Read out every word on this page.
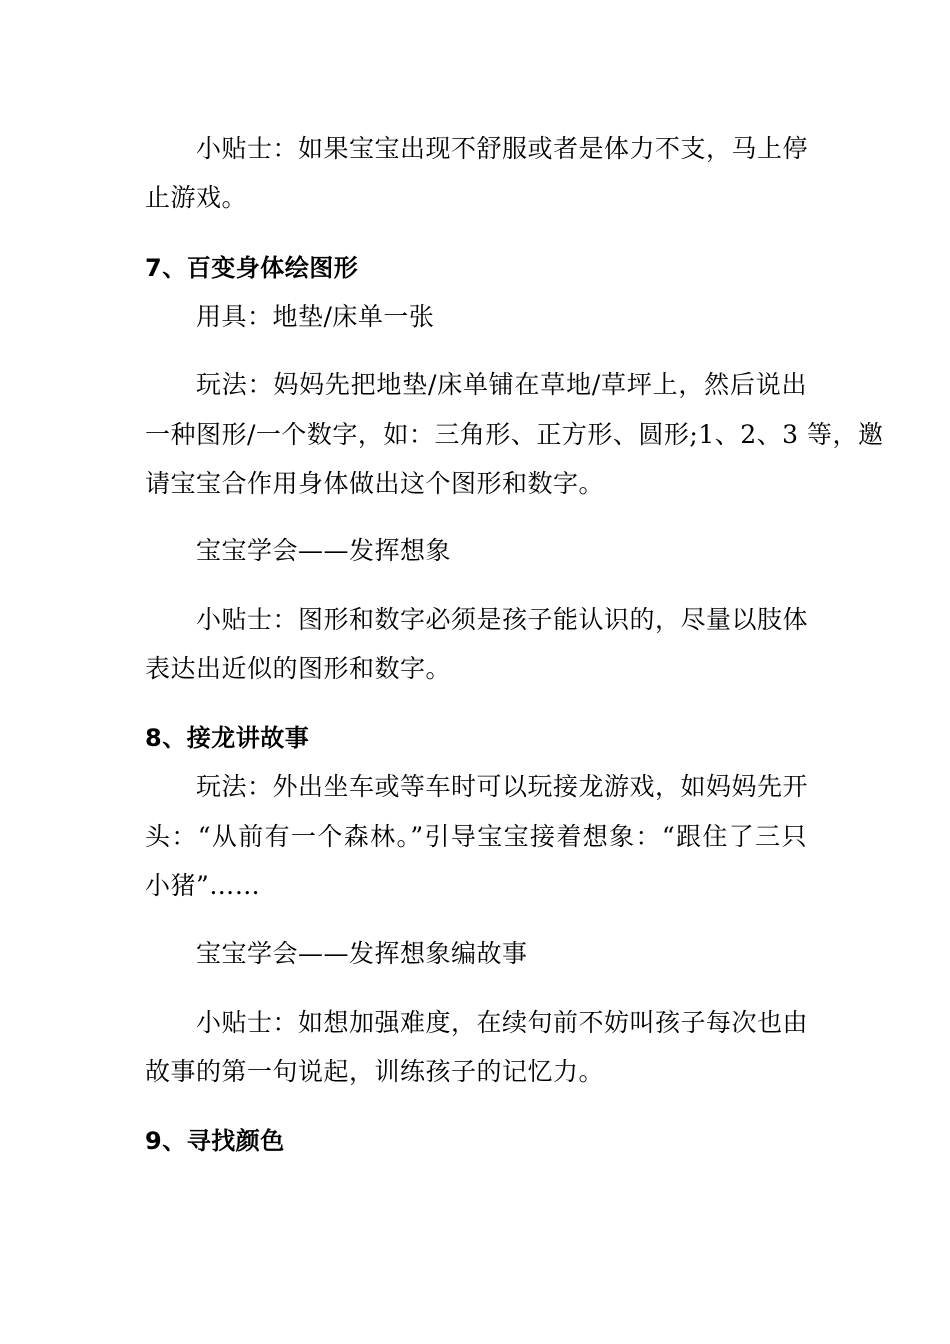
小贴士：如果宝宝出现不舒服或者是体力不支，马上停
止游戏。
7、百变身体绘图形
用具：地垫/床单一张
玩法：妈妈先把地垫/床单铺在草地/草坪上，然后说出
一种图形/一个数字，如：三角形、正方形、圆形;1、2、3 等，邀
请宝宝合作用身体做出这个图形和数字。
宝宝学会——发挥想象
小贴士：图形和数字必须是孩子能认识的，尽量以肢体
表达出近似的图形和数字。
8、接龙讲故事
玩法：外出坐车或等车时可以玩接龙游戏，如妈妈先开
头：“从前有一个森林。”引导宝宝接着想象：“跟住了三只
小猪”……
宝宝学会——发挥想象编故事
小贴士：如想加强难度，在续句前不妨叫孩子每次也由
故事的第一句说起，训练孩子的记忆力。
9、寻找颜色
